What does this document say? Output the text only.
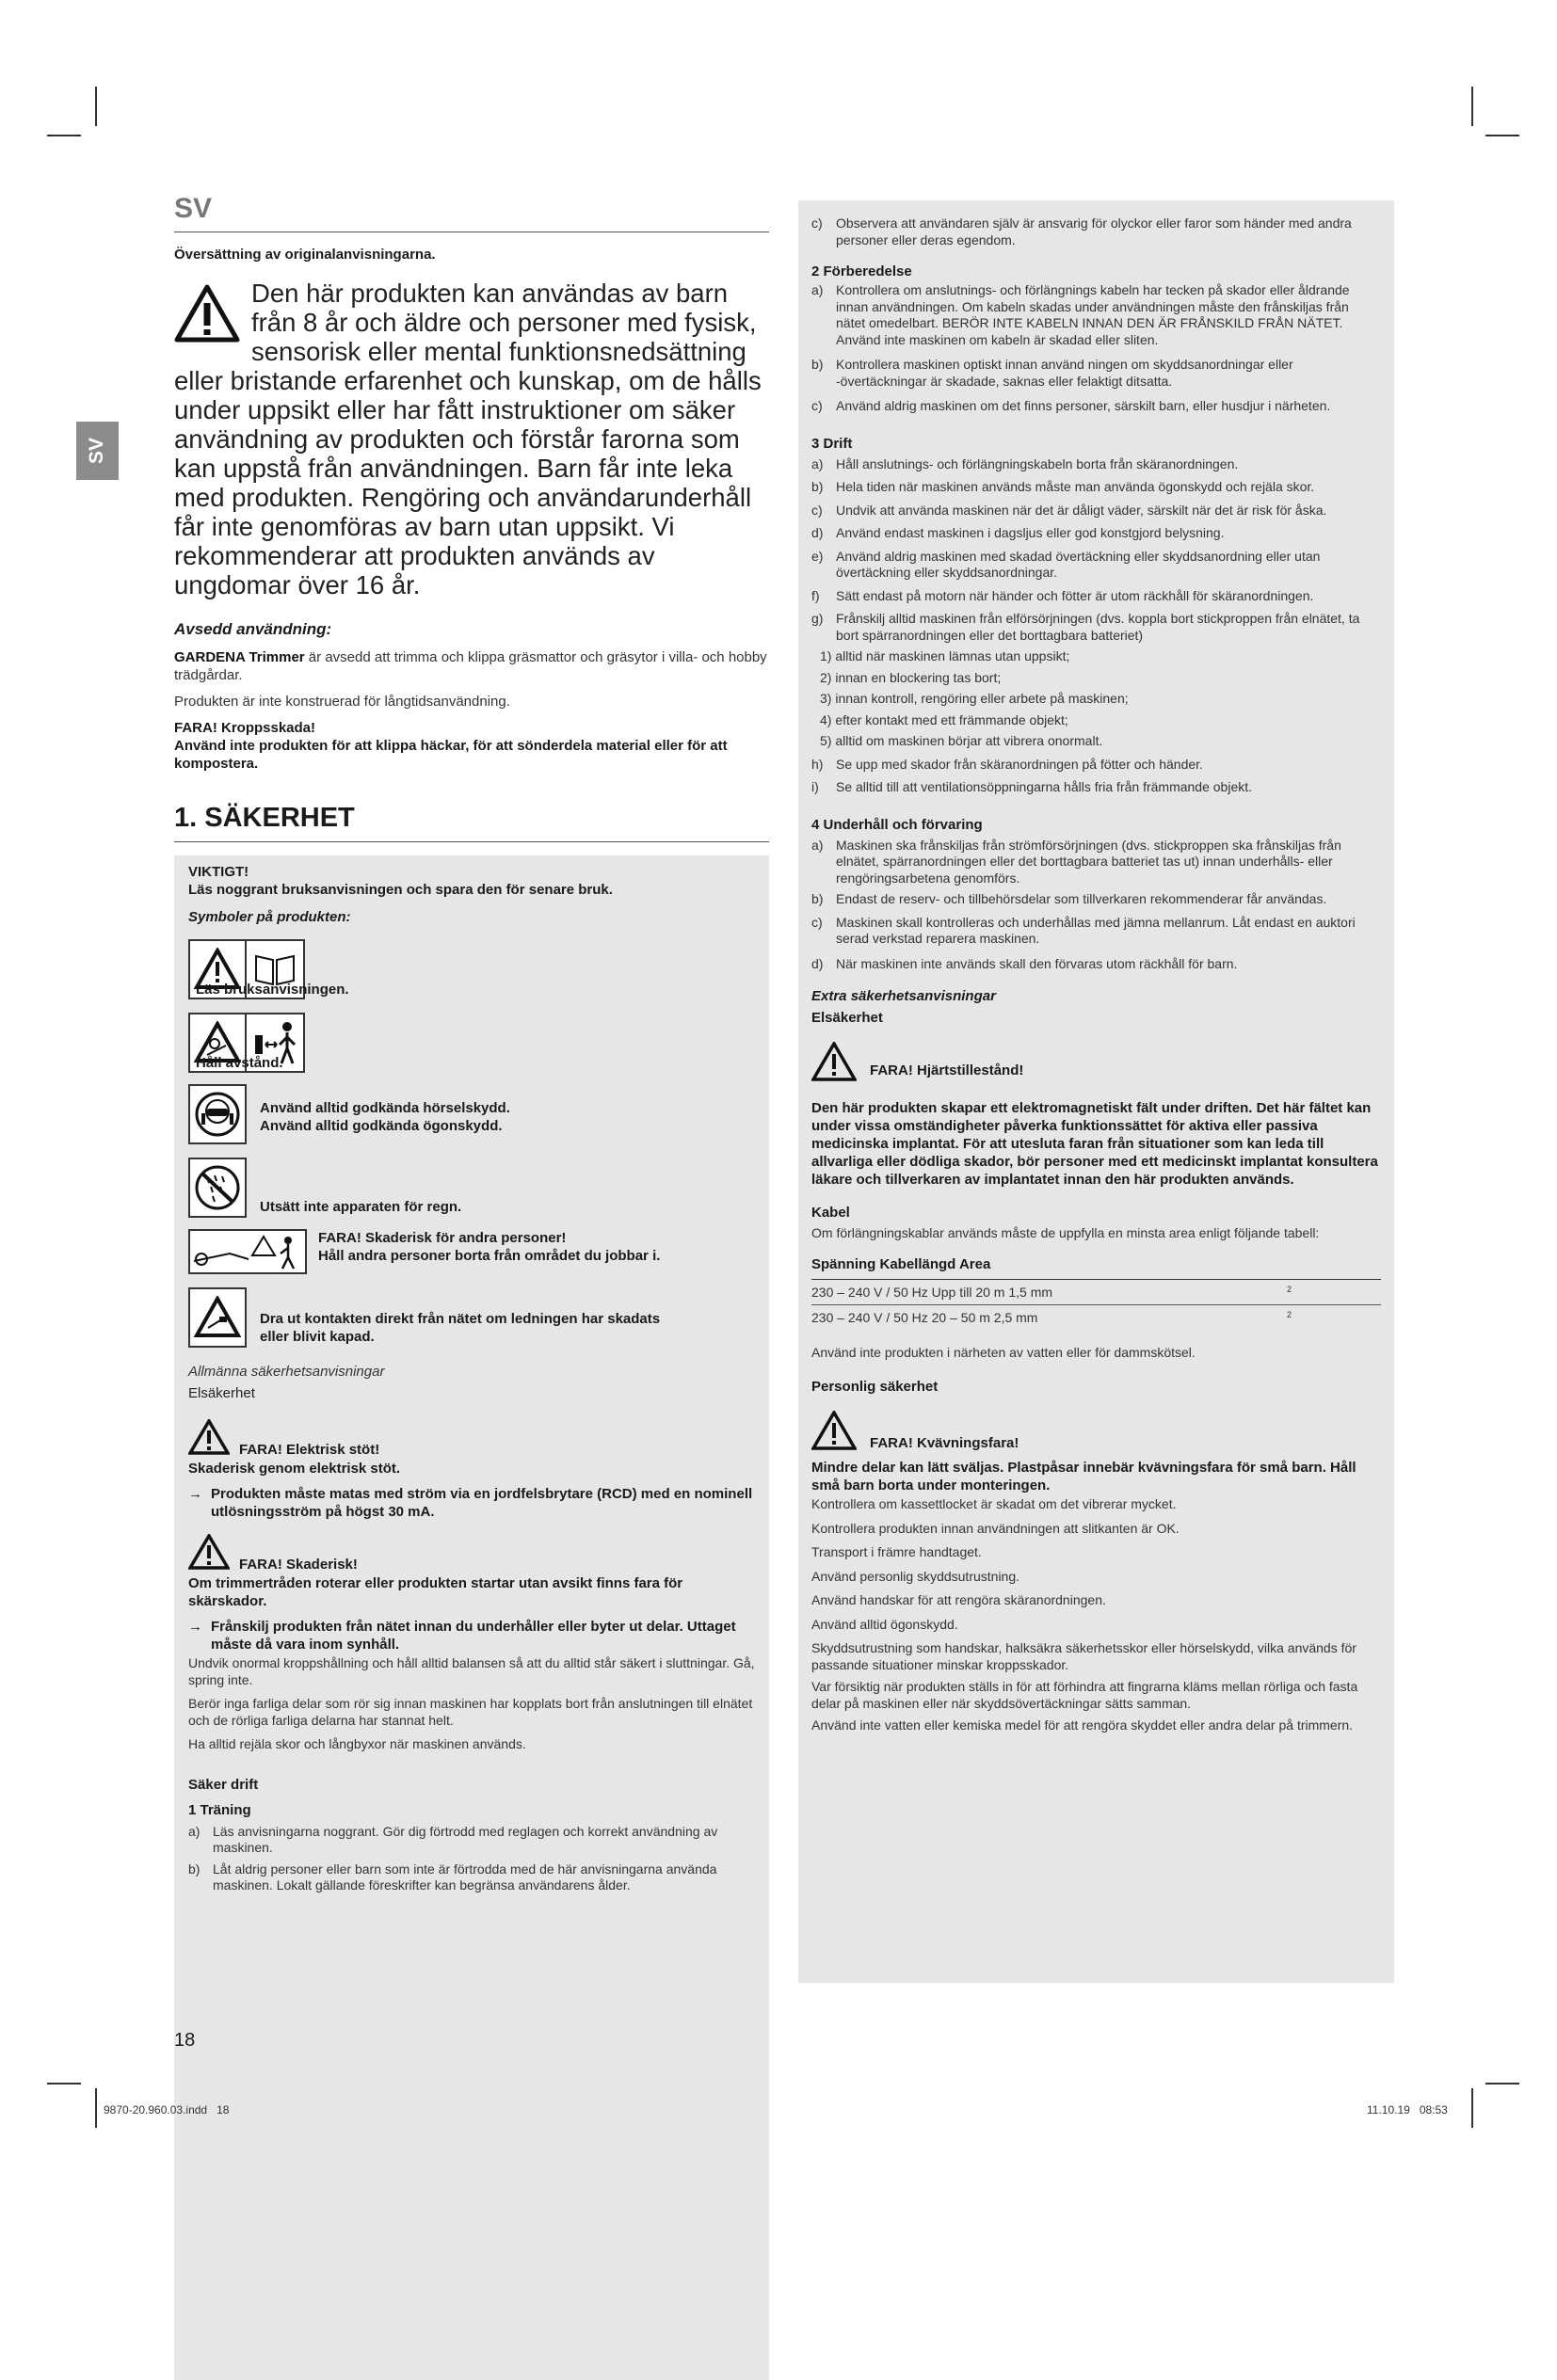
SV
SV

Översättning av originalanvisningarna.

Den här produkten kan användas av barn från 8 år och äldre och personer med fysisk, sensorisk eller mental funktionsnedsättning eller bristande erfarenhet och kunskap, om de hålls under uppsikt eller har fått instruktioner om säker användning av produkten och förstår farorna som kan uppstå från användningen. Barn får inte leka med produkten. Rengöring och användarunderhåll får inte genomföras av barn utan uppsikt. Vi rekommenderar att produkten används av ungdomar över 16 år.

Avsedd användning:

GARDENA Trimmer är avsedd att trimma och klippa gräsmattor och gräsytor i villa- och hobby trädgårdar.

Produkten är inte konstruerad för långtidsanvändning.

FARA! Kroppsskada!

Använd inte produkten för att klippa häckar, för att sönderdela material eller för att kompostera.

1. SÄKERHET

VIKTIGT!

Läs noggrant bruksanvisningen och spara den för senare bruk.

Symboler på produkten:

Läs bruksanvisningen.
Håll avstånd.
Använd alltid godkända hörselskydd.
Använd alltid godkända ögonskydd.
Utsätt inte apparaten för regn.
FARA! Skaderisk för andra personer!
Håll andra personer borta från området du jobbar i.
Dra ut kontakten direkt från nätet om ledningen har skadats
eller blivit kapad.

Allmänna säkerhetsanvisningar

Elsäkerhet

FARA! Elektrisk stöt!

Skaderisk genom elektrisk stöt.

→ Produkten måste matas med ström via en jordfelsbrytare (RCD) med en nominell utlösningsström på högst 30 mA.
FARA! Skaderisk!

Om trimmertråden roterar eller produkten startar utan avsikt finns fara för skärskador.

→ Frånskilj produkten från nätet innan du underhåller eller byter ut delar. Uttaget måste då vara inom synhåll.

Undvik onormal kroppshållning och håll alltid balansen så att du alltid står säkert i sluttningar. Gå, spring inte.

Berör inga farliga delar som rör sig innan maskinen har kopplats bort från anslutningen till elnätet och de rörliga farliga delarna har stannat helt.

Ha alltid rejäla skor och långbyxor när maskinen används.

Säker drift

1 Träning

a) Läs anvisningarna noggrant. Gör dig förtrodd med reglagen och korrekt användning av maskinen.
b) Låt aldrig personer eller barn som inte är förtrodda med de här anvisningarna använda maskinen. Lokalt gällande föreskrifter kan begränsa användarens ålder.
c)	Observera att användaren själv är ansvarig för olyckor eller faror som händer med andra personer eller deras egendom.

2 Förberedelse

a) Kontrollera om anslutnings- och förlängnings kabeln har tecken på skador eller åldrande innan användningen. Om kabeln skadas under användningen måste den frånskiljas från nätet omedelbart. BERÖR INTE KABELN INNAN DEN ÄR FRÅNSKILD FRÅN NÄTET. Använd inte maskinen om kabeln är skadad eller sliten.
b) Kontrollera maskinen optiskt innan använd ningen om skyddsanordningar eller -övertäckningar är skadade, saknas eller felaktigt ditsatta.
c)	Använd aldrig maskinen om det finns personer, särskilt barn, eller husdjur i närheten.

3 Drift

a) Håll anslutnings- och förlängningskabeln borta från skäranordningen.
b) Hela tiden när maskinen används måste man använda ögonskydd och rejäla skor.
c)	Undvik att använda maskinen när det är dåligt väder, särskilt när det är risk för åska.
d) Använd endast maskinen i dagsljus eller god konstgjord belysning.
e) Använd aldrig maskinen med skadad övertäckning eller skyddsanordning eller utan övertäckning eller skyddsanordningar.
f)	Sätt endast på motorn när händer och fötter är utom räckhåll för skäranordningen.
g) Frånskilj alltid maskinen från elförsörjningen (dvs. koppla bort stickproppen från elnätet, ta bort spärranordningen eller det borttagbara batteriet)

1) alltid när maskinen lämnas utan uppsikt;

2) innan en blockering tas bort;

3) innan kontroll, rengöring eller arbete på maskinen;

4) efter kontakt med ett främmande objekt;

5) alltid om maskinen börjar att vibrera onormalt.

h) Se upp med skador från skäranordningen på fötter och händer.
i)	Se alltid till att ventilationsöppningarna hålls fria från främmande objekt.

4 Underhåll och förvaring

a) Maskinen ska frånskiljas från strömförsörjningen (dvs. stickproppen ska frånskiljas från elnätet, spärranordningen eller det borttagbara batteriet tas ut) innan underhålls- eller rengöringsarbetena genomförs.
b) Endast de reserv- och tillbehörsdelar som tillverkaren rekommenderar får användas.
c)	Maskinen skall kontrolleras och underhållas med jämna mellanrum. Låt endast en auktori serad verkstad reparera maskinen.
d) När maskinen inte används skall den förvaras utom räckhåll för barn.

Extra säkerhetsanvisningar

Elsäkerhet

FARA! Hjärtstillestånd!

Den här produkten skapar ett elektromagnetiskt fält under driften. Det här fältet kan under vissa omständigheter påverka funktionssättet för aktiva eller passiva medicinska implantat. För att utesluta faran från situationer som kan leda till allvarliga eller dödliga skador, bör personer med ett medicinskt implantat konsultera läkare och tillverkaren av implantatet innan den här produkten används.

Kabel

Om förlängningskablar används måste de uppfylla en minsta area enligt följande tabell:

Spänning Kabellängd Area

230 – 240 V / 50 Hz Upp till 20 m 1,5 mm	2
230 – 240 V / 50 Hz 20 – 50 m 2,5 mm	2

Använd inte produkten i närheten av vatten eller för dammskötsel.

Personlig säkerhet

FARA! Kvävningsfara!

Mindre delar kan lätt sväljas. Plastpåsar innebär kvävningsfara för små barn. Håll små barn borta under monteringen.

Kontrollera om kassettlocket är skadat om det vibrerar mycket.

Kontrollera produkten innan användningen att slitkanten är OK.

Transport i främre handtaget.

Använd personlig skyddsutrustning.

Använd handskar för att rengöra skäranordningen.

Använd alltid ögonskydd.

Skyddsutrustning som handskar, halksäkra säkerhetsskor eller hörselskydd, vilka används för passande situationer minskar kroppsskador.

Var försiktig när produkten ställs in för att förhindra att fingrarna kläms mellan rörliga och fasta delar på maskinen eller när skyddsövertäckningar sätts samman.

Använd inte vatten eller kemiska medel för att rengöra skyddet eller andra delar på trimmern.

18
9870-20.960.03.indd   18	11.10.19   08:53
